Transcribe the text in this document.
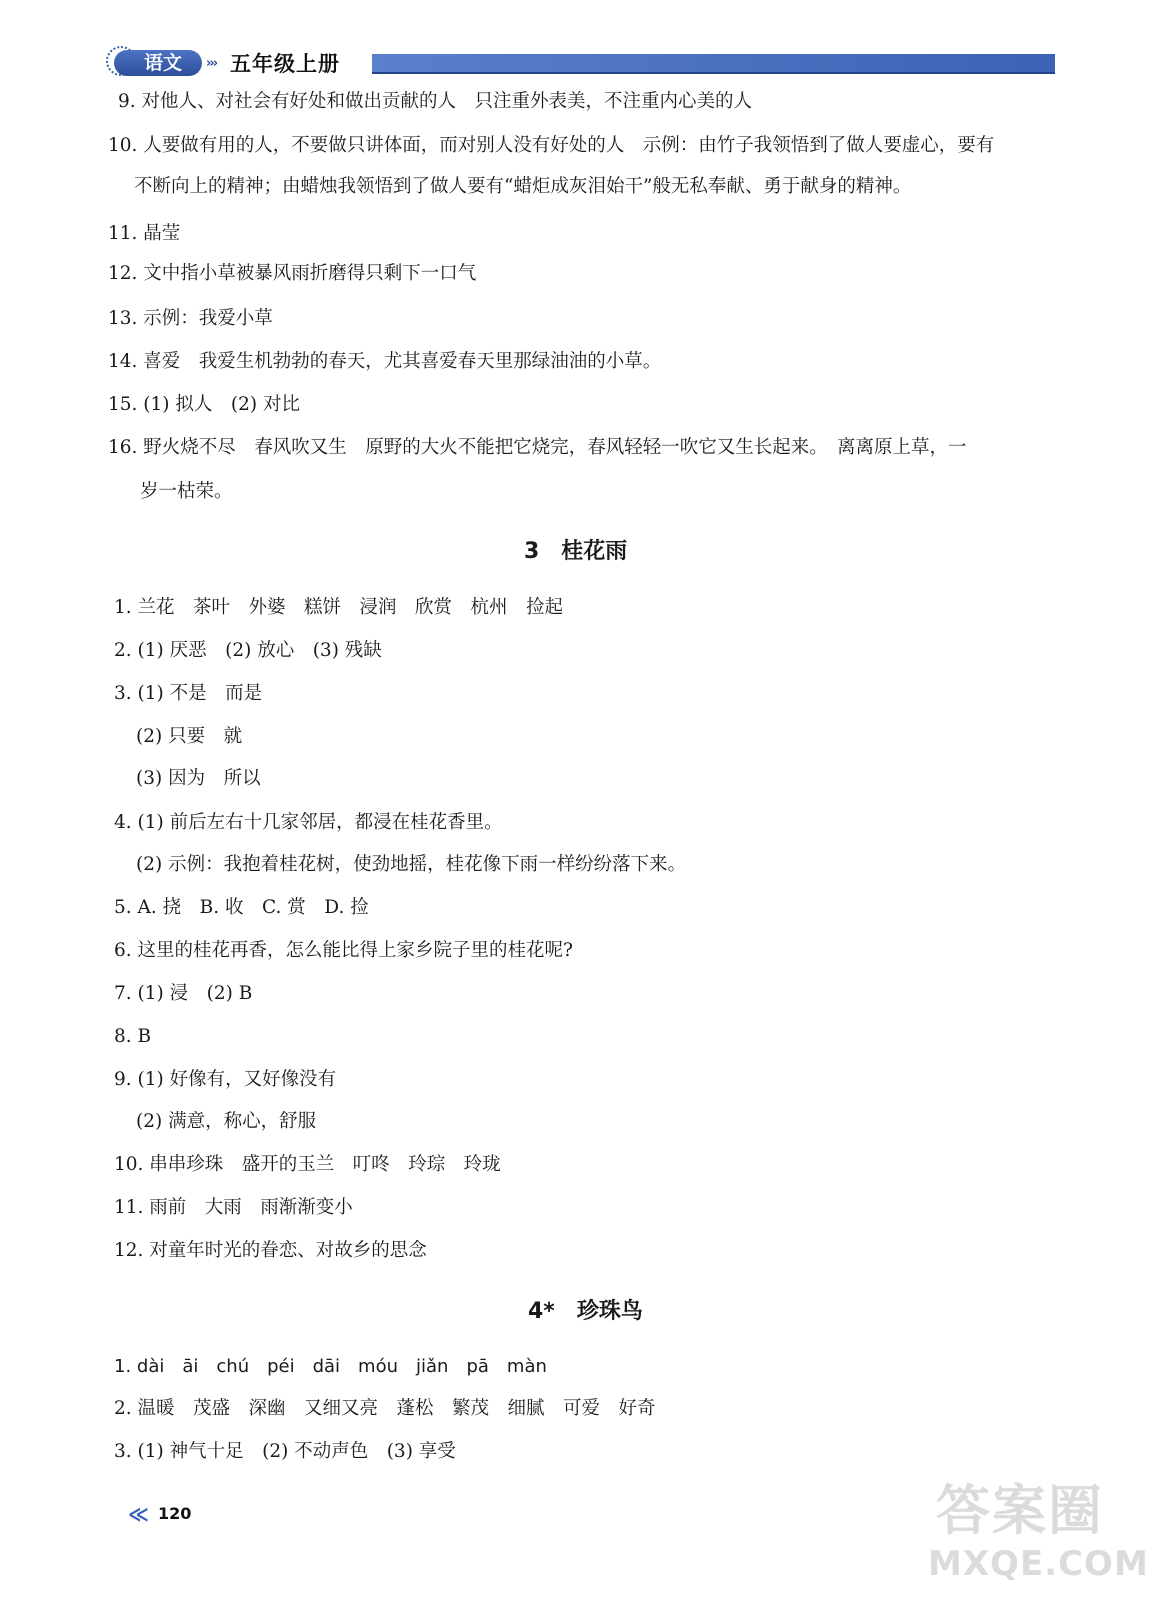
语文	››› 五年级上册
9. 对他人、对社会有好处和做出贡献的人　只注重外表美，不注重内心美的人
10. 人要做有用的人，不要做只讲体面，而对别人没有好处的人　示例：由竹子我领悟到了做人要虚心，要有
不断向上的精神；由蜡烛我领悟到了做人要有“蜡炬成灰泪始干”般无私奉献、勇于献身的精神。
11. 晶莹
12. 文中指小草被暴风雨折磨得只剩下一口气
13. 示例：我爱小草
14. 喜爱　我爱生机勃勃的春天，尤其喜爱春天里那绿油油的小草。
15. (1) 拟人　(2) 对比
16. 野火烧不尽　春风吹又生　原野的大火不能把它烧完，春风轻轻一吹它又生长起来。　离离原上草，一
岁一枯荣。
3　桂花雨
1. 兰花　茶叶　外婆　糕饼　浸润　欣赏　杭州　捡起
2. (1) 厌恶　(2) 放心　(3) 残缺
3. (1) 不是　而是
(2) 只要　就
(3) 因为　所以
4. (1) 前后左右十几家邻居，都浸在桂花香里。
(2) 示例：我抱着桂花树，使劲地摇，桂花像下雨一样纷纷落下来。
5. A. 挠　B. 收　C. 赏　D. 捡
6. 这里的桂花再香，怎么能比得上家乡院子里的桂花呢?
7. (1) 浸　(2) B
8. B
9. (1) 好像有，又好像没有
(2) 满意，称心，舒服
10. 串串珍珠　盛开的玉兰　叮咚　玲琮　玲珑
11. 雨前　大雨　雨渐渐变小
12. 对童年时光的眷恋、对故乡的思念
4*　珍珠鸟
1. dài　āi　chú　péi　dāi　móu　jiǎn　pā　màn
2. 温暖　茂盛　深幽　又细又亮　蓬松　繁茂　细腻　可爱　好奇
3. (1) 神气十足　(2) 不动声色　(3) 享受
≪ 120	答案圈
MXQE.COM
